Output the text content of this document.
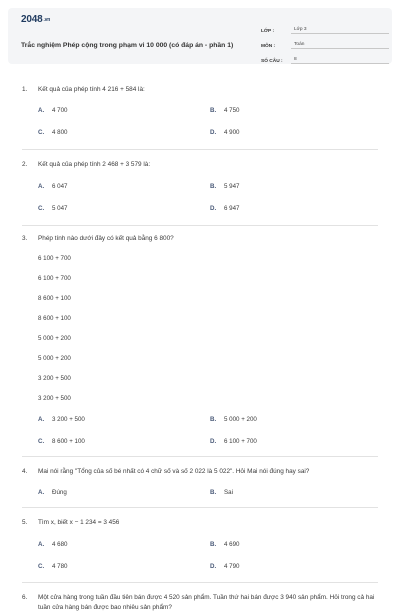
2048.vn
Trắc nghiệm Phép cộng trong phạm vi 10 000 (có đáp án - phần 1)
LỚP :	Lớp 3
MÔN :	Toán
SỐ CÂU :	8
1.	Kết quả của phép tính 4 216 + 584 là:
A.	4 700	B.	4 750
C.	4 800	D.	4 900
2.	Kết quả của phép tính 2 468 + 3 579 là:
A.	6 047	B.	5 947
C.	5 047	D.	6 947
3.	Phép tính nào dưới đây có kết quả bằng 6 800?
6 100 + 700
6 100 + 700
8 600 + 100
8 600 + 100
5 000 + 200
5 000 + 200
3 200 + 500
3 200 + 500
A.	3 200 + 500	B.	5 000 + 200
C.	8 600 + 100	D.	6 100 + 700
4.	Mai nói rằng "Tổng của số bé nhất có 4 chữ số và số 2 022 là 5 022". Hỏi Mai nói đúng hay sai?
A.	Đúng	B.	Sai
5.	Tìm x, biết x − 1 234 = 3 456
A.	4 680	B.	4 690
C.	4 780	D.	4 790
6.	Một cửa hàng trong tuần đầu tiên bán được 4 520 sản phẩm. Tuần thứ hai bán được 3 940 sản phẩm. Hỏi trong cả hai tuần cửa hàng bán được bao nhiêu sản phẩm?
